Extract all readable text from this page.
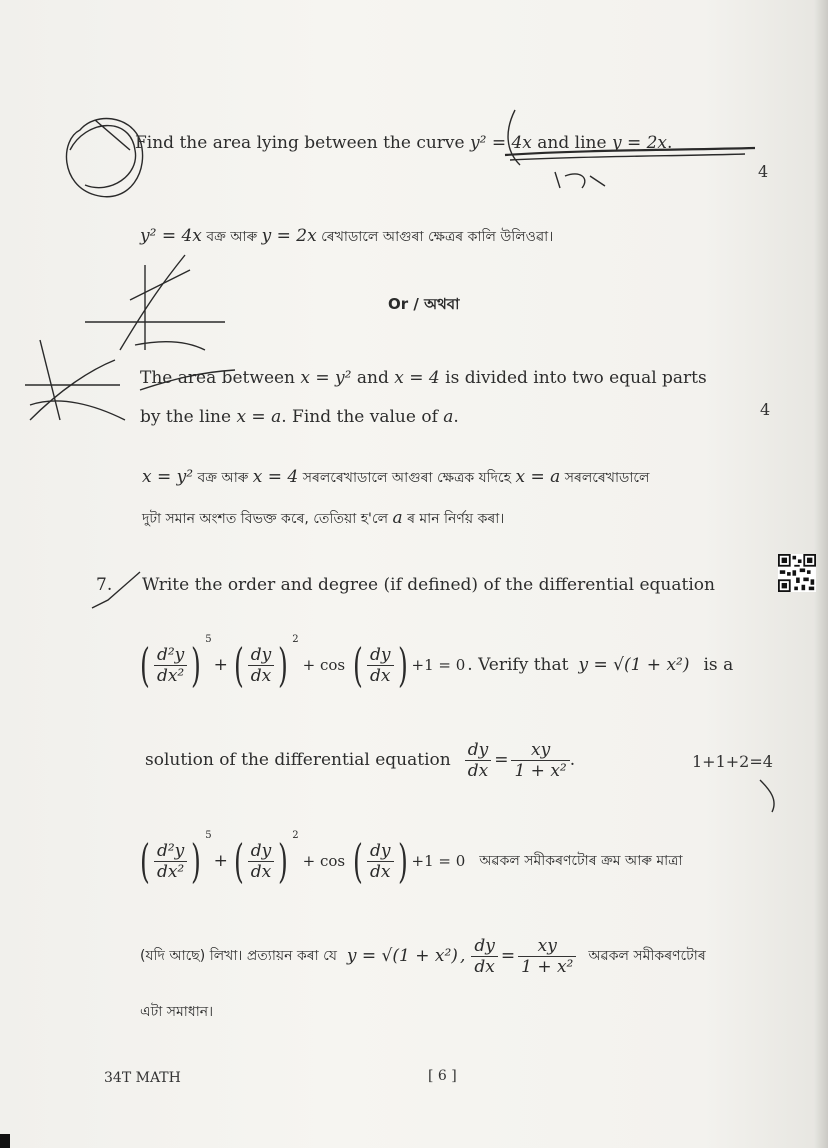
Find the area lying between the curve y² = 4x and line y = 2x.
4
y² = 4x বক্ৰ আৰু y = 2x ৰেখাডালে আগুৰা ক্ষেত্ৰৰ কালি উলিওৱা।
Or / অথবা
The area between x = y² and x = 4 is divided into two equal parts
by the line x = a. Find the value of a.	4
x = y² বক্ৰ আৰু x = 4 সৰলৰেখাডালে আগুৰা ক্ষেত্ৰক যদিহে x = a সৰলৰেখাডালে
দুটা সমান অংশত বিভক্ত কৰে, তেতিয়া হ'লে a ৰ মান নিৰ্ণয় কৰা।
7. Write the order and degree (if defined) of the differential equation
( $\frac{\text{d²y}}{\text{dx²}}$ ) $^5$
+ ( $\frac{dy}{dx}$ ) $^2$
+ cos ( $\frac{dy}{dx}$ ) +1 = 0 . Verify that y = √(1 + x²) is a
solution of the differential equation $\frac{dy}{dx} = \frac{xy}{\text{1 + x²}}$ .	1+1+2=4
( $\frac{\text{d²y}}{\text{dx²}}$ ) $^5$
+ ( $\frac{dy}{dx}$ ) $^2$
+ cos ( $\frac{dy}{dx}$ ) +1 = 0 অৱকল সমীকৰণটোৰ ক্ৰম আৰু মাত্ৰা
(যদি আছে) লিখা। প্ৰত্যায়ন কৰা যে y = √(1 + x²) , $\frac{dy}{dx} = \frac{xy}{\text{1 + x²}}$ অৱকল সমীকৰণটোৰ
এটা সমাধান।
34T MATH	[ 6 ]
